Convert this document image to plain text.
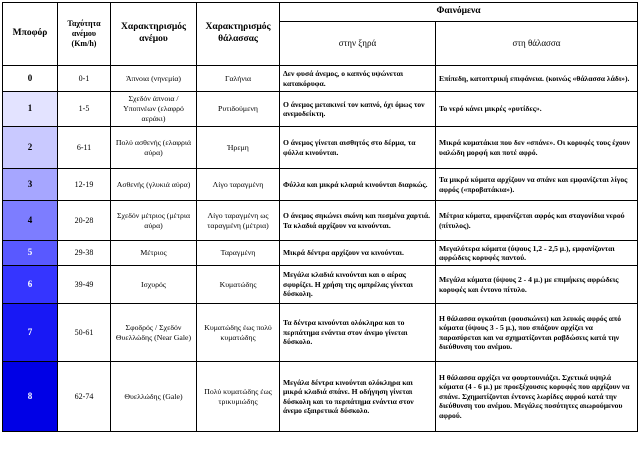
Μποφόρ	Ταχύτητα ανέμου (Km/h)	Χαρακτηρισμός ανέμου	Χαρακτηρισμός θάλασσας	Φαινόμενα	
				στην ξηρά	στη θάλασσα
0	0-1	Άπνοια (νηνεμία)	Γαλήνια	Δεν φυσά άνεμος, ο καπνός υψώνεται κατακόρυφα.	Επίπεδη, κατοπτρική επιφάνεια. (κοινώς «θάλασσα λάδι»).
1	1-5	Σχεδόν άπνοια / Υποπνέων (ελαφρό αεράκι)	Ρυτιδούμενη	Ο άνεμος μετακινεί τον καπνό, όχι όμως τον ανεμοδείκτη.	Το νερό κάνει μικρές «ρυτίδες».
2	6-11	Πολύ ασθενής (ελαφριά αύρα)	Ήρεμη	Ο άνεμος γίνεται αισθητός στο δέρμα, τα φύλλα κινούνται.	Μικρά κυματάκια που δεν «σπάνε». Οι κορυφές τους έχουν υαλώδη μορφή και ποτέ αφρό.
3	12-19	Ασθενής (γλυκιά αύρα)	Λίγο ταραγμένη	Φύλλα και μικρά κλαριά κινούνται διαρκώς.	Τα μικρά κύματα αρχίζουν να σπάνε και εμφανίζεται λίγος αφρός («προβατάκια»).
4	20-28	Σχεδόν μέτριος (μέτρια αύρα)	Λίγο ταραγμένη ως ταραγμένη (μέτρια)	Ο άνεμος σηκώνει σκόνη και πεσμένα χαρτιά. Τα κλαδιά αρχίζουν να κινούνται.	Μέτρια κύματα, εμφανίζεται αφρός και σταγονίδια νερού (πίτυλος).
5	29-38	Μέτριος	Ταραγμένη	Μικρά δέντρα αρχίζουν να κινούνται.	Μεγαλύτερα κύματα (ύψους 1,2 - 2,5 μ.), εμφανίζονται αφρώδεις κορυφές παντού.
6	39-49	Ισχυρός	Κυματώδης	Μεγάλα κλαδιά κινούνται και ο αέρας σφυρίζει. Η χρήση της ομπρέλας γίνεται δύσκολη.	Μεγάλα κύματα (ύψους 2 - 4 μ.) με επιμήκεις αφρώδεις κορυφές και έντονο πίτυλο.
7	50-61	Σφοδρός / Σχεδόν Θυελλώδης (Near Gale)	Κυματώδης έως πολύ κυματώδης	Τα δέντρα κινούνται ολόκληρα και το περπάτημα ενάντια στον άνεμο γίνεται δύσκολο.	Η θάλασσα ογκούται (φουσκώνει) και λευκός αφρός από κύματα (ύψους 3 - 5 μ.), που σπάζουν αρχίζει να παρασύρεται και να σχηματίζονται ραβδώσεις κατά την διεύθυνση του ανέμου.
8	62-74	Θυελλώδης (Gale)	Πολύ κυματώδης έως τρικυμιώδης	Μεγάλα δέντρα κινούνται ολόκληρα και μικρά κλαδιά σπάνε. Η οδήγηση γίνεται δύσκολη και το περπάτημα ενάντια στον άνεμο εξαιρετικά δύσκολο.	Η θάλασσα αρχίζει να φουρτουνιάζει. Σχετικά υψηλά κύματα (4 - 6 μ.) με προεξέχουσες κορυφές που αρχίζουν να σπάνε. Σχηματίζονται έντονες λωρίδες αφρού κατά την διεύθυνση του ανέμου. Μεγάλες ποσότητες αιωρούμενου αφρού.
